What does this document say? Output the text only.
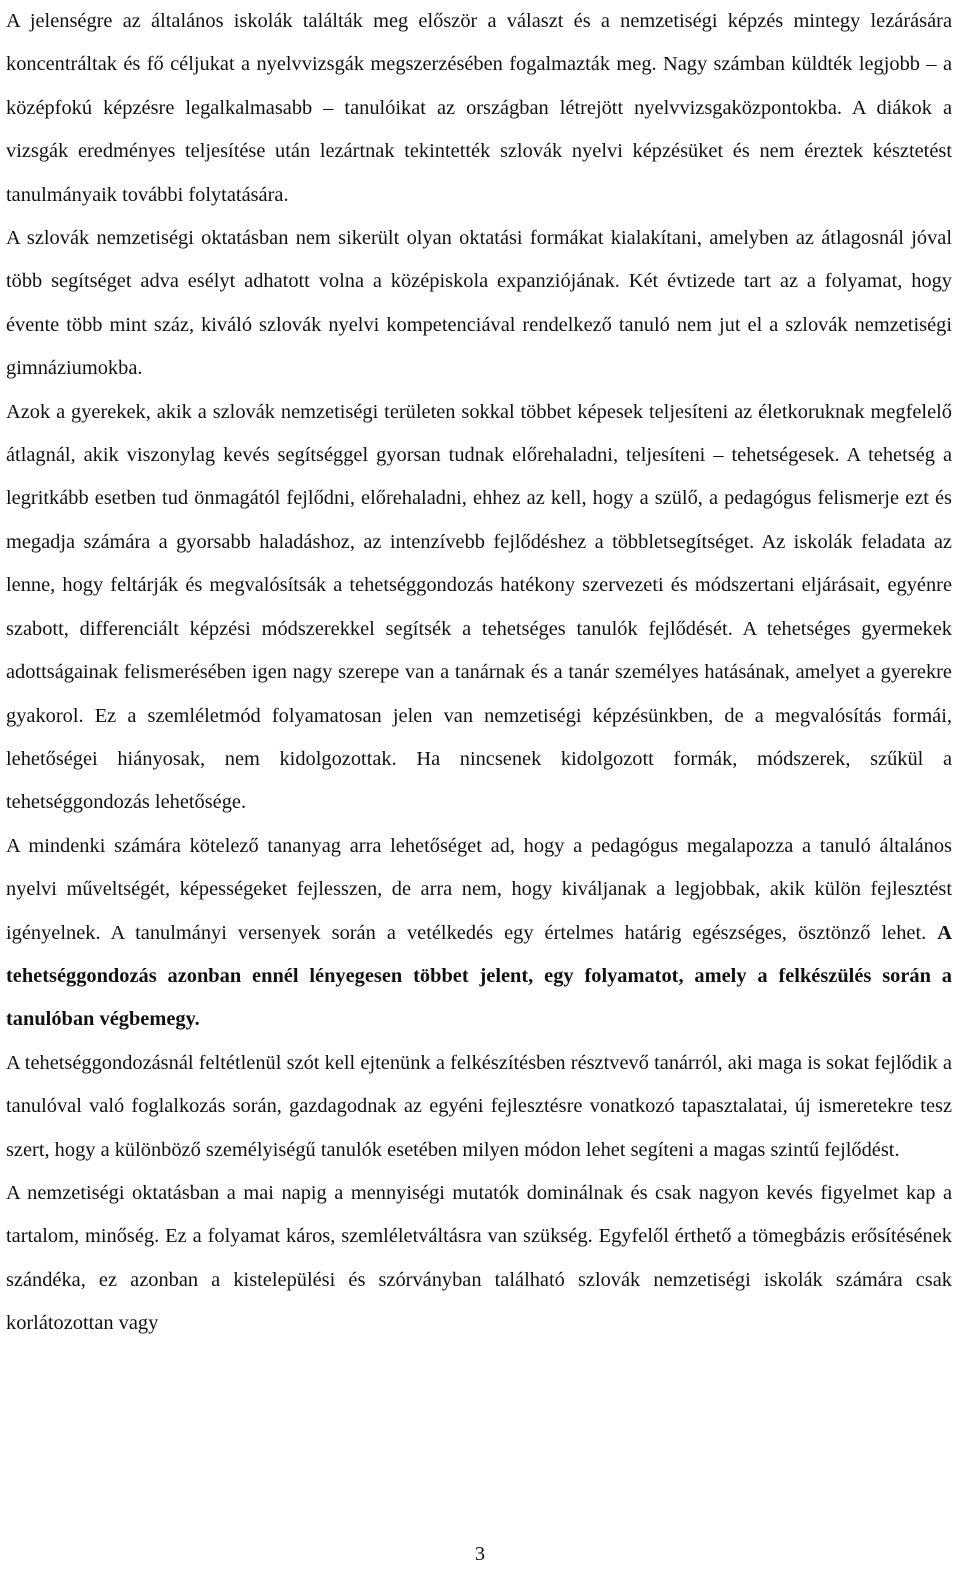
A jelenségre az általános iskolák találták meg először a választ és a nemzetiségi képzés mintegy lezárására koncentráltak és fő céljukat a nyelvvizsgák megszerzésében fogalmazták meg. Nagy számban küldték legjobb – a középfokú képzésre legalkalmasabb – tanulóikat az országban létrejött nyelvvizsgaközpontokba. A diákok a vizsgák eredményes teljesítése után lezártnak tekintették szlovák nyelvi képzésüket és nem éreztek késztetést tanulmányaik további folytatására.

A szlovák nemzetiségi oktatásban nem sikerült olyan oktatási formákat kialakítani, amelyben az átlagosnál jóval több segítséget adva esélyt adhatott volna a középiskola expanziójának. Két évtizede tart az a folyamat, hogy évente több mint száz, kiváló szlovák nyelvi kompetenciával rendelkező tanuló nem jut el a szlovák nemzetiségi gimnáziumokba.

Azok a gyerekek, akik a szlovák nemzetiségi területen sokkal többet képesek teljesíteni az életkoruknak megfelelő átlagnál, akik viszonylag kevés segítséggel gyorsan tudnak előrehaladni, teljesíteni – tehetségesek. A tehetség a legritkább esetben tud önmagától fejlődni, előrehaladni, ehhez az kell, hogy a szülő, a pedagógus felismerje ezt és megadja számára a gyorsabb haladáshoz, az intenzívebb fejlődéshez a többletsegítséget. Az iskolák feladata az lenne, hogy feltárják és megvalósítsák a tehetséggondozás hatékony szervezeti és módszertani eljárásait, egyénre szabott, differenciált képzési módszerekkel segítsék a tehetséges tanulók fejlődését. A tehetséges gyermekek adottságainak felismerésében igen nagy szerepe van a tanárnak és a tanár személyes hatásának, amelyet a gyerekre gyakorol. Ez a szemléletmód folyamatosan jelen van nemzetiségi képzésünkben, de a megvalósítás formái, lehetőségei hiányosak, nem kidolgozottak. Ha nincsenek kidolgozott formák, módszerek, szűkül a tehetséggondozás lehetősége.

A mindenki számára kötelező tananyag arra lehetőséget ad, hogy a pedagógus megalapozza a tanuló általános nyelvi műveltségét, képességeket fejlesszen, de arra nem, hogy kiváljanak a legjobbak, akik külön fejlesztést igényelnek. A tanulmányi versenyek során a vetélkedés egy értelmes határig egészséges, ösztönző lehet. A tehetséggondozás azonban ennél lényegesen többet jelent, egy folyamatot, amely a felkészülés során a tanulóban végbemegy.

A tehetséggondozásnál feltétlenül szót kell ejtenünk a felkészítésben résztvevő tanárról, aki maga is sokat fejlődik a tanulóval való foglalkozás során, gazdagodnak az egyéni fejlesztésre vonatkozó tapasztalatai, új ismeretekre tesz szert, hogy a különböző személyiségű tanulók esetében milyen módon lehet segíteni a magas szintű fejlődést.

A nemzetiségi oktatásban a mai napig a mennyiségi mutatók dominálnak és csak nagyon kevés figyelmet kap a tartalom, minőség. Ez a folyamat káros, szemléletváltásra van szükség. Egyfelől érthető a tömegbázis erősítésének szándéka, ez azonban a kistelepülési és szórványban található szlovák nemzetiségi iskolák számára csak korlátozottan vagy

3
